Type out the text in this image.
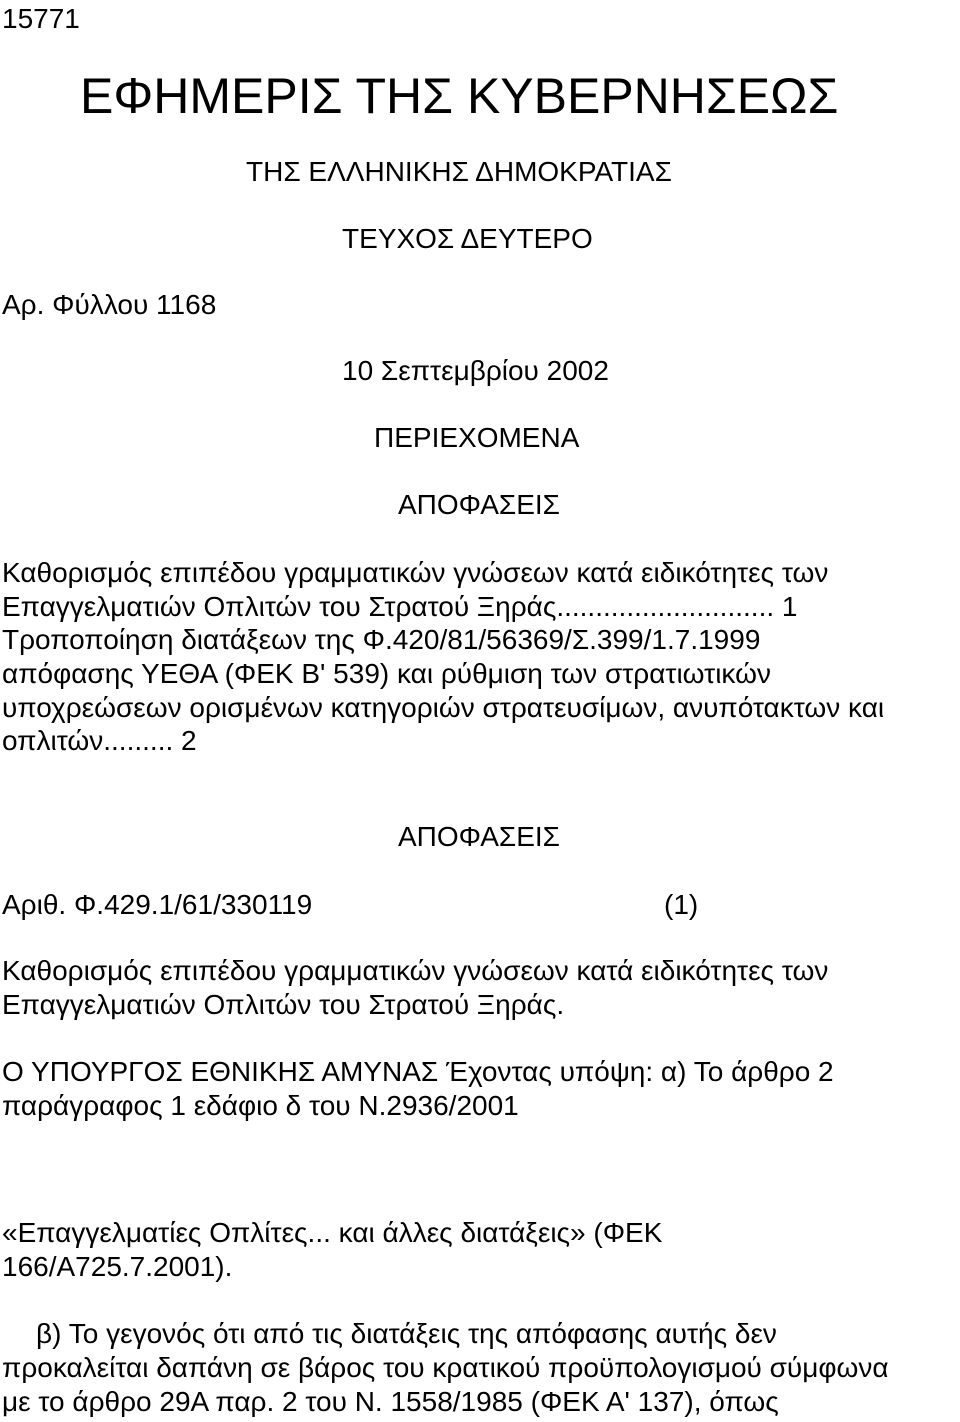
15771

ΕΦΗΜΕΡΙΣ ΤΗΣ ΚΥΒΕΡΝΗΣΕΩΣ

ΤΗΣ ΕΛΛΗΝΙΚΗΣ ΔΗΜΟΚΡΑΤΙΑΣ

ΤΕΥΧΟΣ ΔΕΥΤΕΡΟ

Αρ. Φύλλου 1168

10 Σεπτεμβρίου 2002

ΠΕΡΙΕΧΟΜΕΝΑ

ΑΠΟΦΑΣΕΙΣ

Καθορισμός επιπέδου γραμματικών γνώσεων κατά ειδικότητες των

Επαγγελματιών Οπλιτών του Στρατού Ξηράς............................ 1

Τροποποίηση διατάξεων της Φ.420/81/56369/Σ.399/1.7.1999

απόφασης ΥΕΘΑ (ΦΕΚ Β' 539) και ρύθμιση των στρατιωτικών

υποχρεώσεων ορισμένων κατηγοριών στρατευσίμων, ανυπότακτων και

οπλιτών......... 2

ΑΠΟΦΑΣΕΙΣ

Αριθ. Φ.429.1/61/330119	(1)

Καθορισμός επιπέδου γραμματικών γνώσεων κατά ειδικότητες των

Επαγγελματιών Οπλιτών του Στρατού Ξηράς.

Ο ΥΠΟΥΡΓΟΣ ΕΘΝΙΚΗΣ ΑΜΥΝΑΣ Έχοντας υπόψη: α) Το άρθρο 2

παράγραφος 1 εδάφιο δ του Ν.2936/2001

«Επαγγελματίες Οπλίτες... και άλλες διατάξεις» (ΦΕΚ

166/Α725.7.2001).

β) Το γεγονός ότι από τις διατάξεις της απόφασης αυτής δεν

προκαλείται δαπάνη σε βάρος του κρατικού προϋπολογισμού σύμφωνα

με το άρθρο 29Α παρ. 2 του Ν. 1558/1985 (ΦΕΚ Α' 137), όπως
